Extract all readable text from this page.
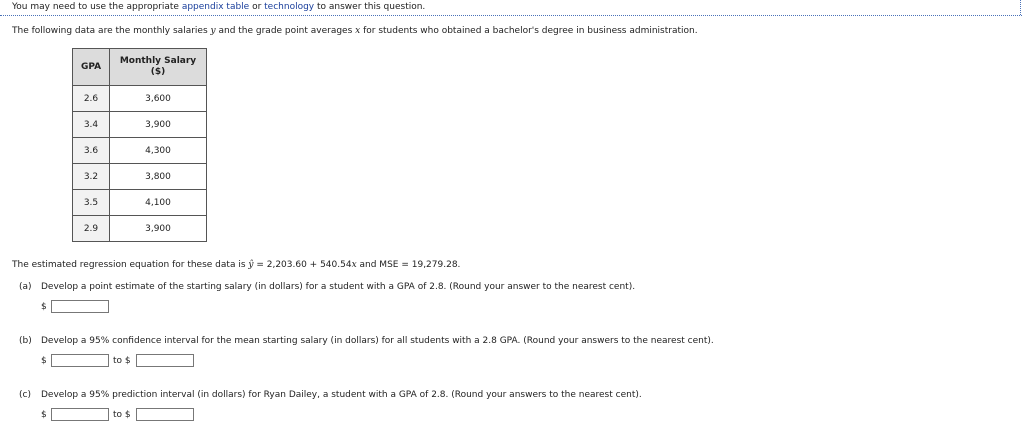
You may need to use the appropriate appendix table or technology to answer this question.
The following data are the monthly salaries y and the grade point averages x for students who obtained a bachelor's degree in business administration.
GPA	Monthly Salary
($)
2.6	3,600
3.4	3,900
3.6	4,300
3.2	3,800
3.5	4,100
2.9	3,900
The estimated regression equation for these data is ŷ = 2,203.60 + 540.54x and MSE = 19,279.28.
(a) Develop a point estimate of the starting salary (in dollars) for a student with a GPA of 2.8. (Round your answer to the nearest cent).
$
(b) Develop a 95% confidence interval for the mean starting salary (in dollars) for all students with a 2.8 GPA. (Round your answers to the nearest cent).
$	to $
(c) Develop a 95% prediction interval (in dollars) for Ryan Dailey, a student with a GPA of 2.8. (Round your answers to the nearest cent).
$	to $
